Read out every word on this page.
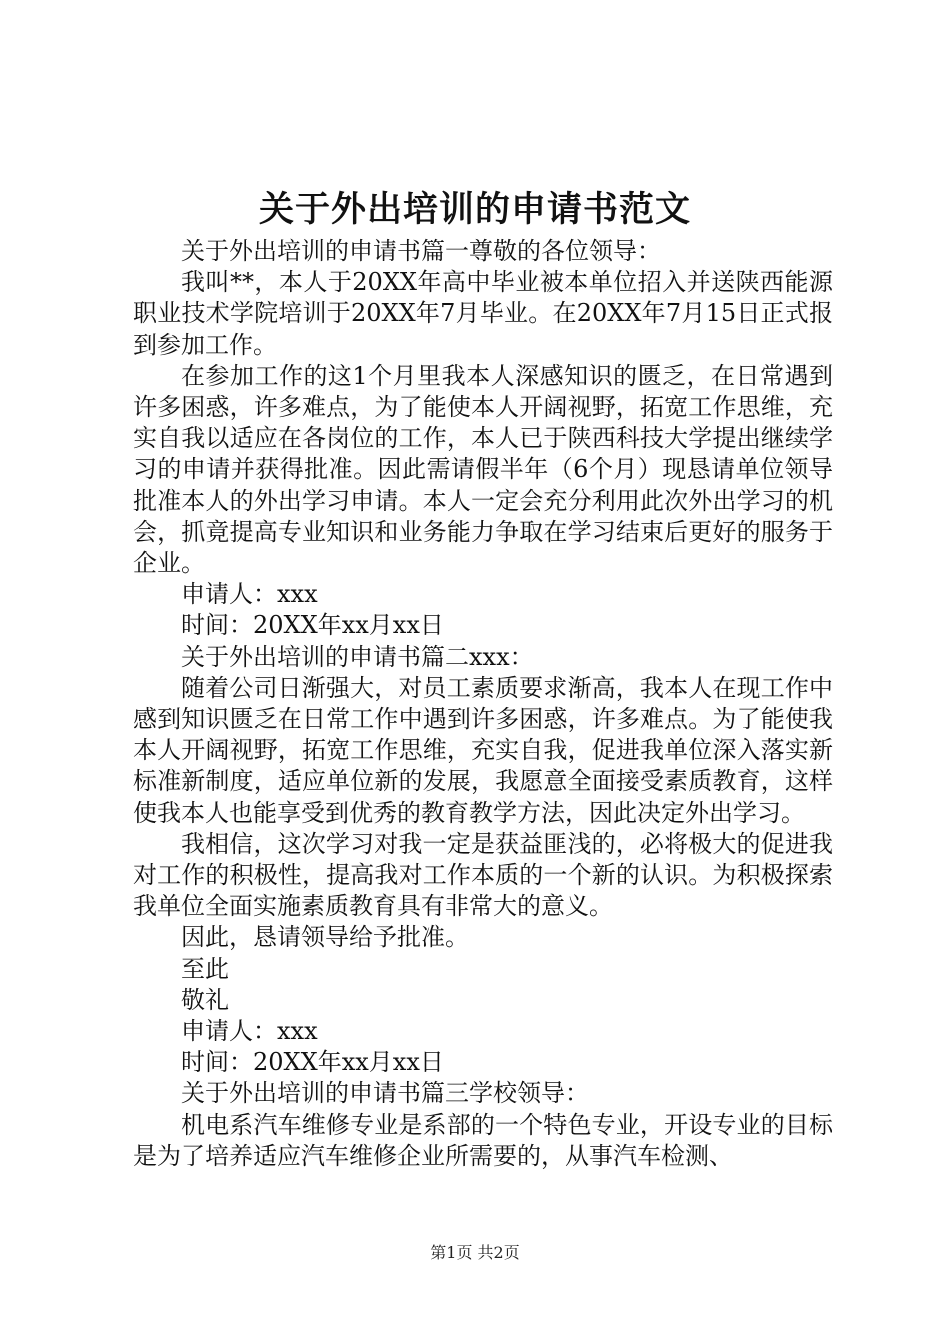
关于外出培训的申请书范文

关于外出培训的申请书篇一尊敬的各位领导：

我叫**，本人于20XX年高中毕业被本单位招入并送陕西能源职业技术学院培训于20XX年7月毕业。在20XX年7月15日正式报到参加工作。

在参加工作的这1个月里我本人深感知识的匮乏，在日常遇到许多困惑，许多难点，为了能使本人开阔视野，拓宽工作思维，充实自我以适应在各岗位的工作，本人已于陕西科技大学提出继续学习的申请并获得批准。因此需请假半年（6个月）现恳请单位领导批准本人的外出学习申请。本人一定会充分利用此次外出学习的机会，抓竟提高专业知识和业务能力争取在学习结束后更好的服务于企业。

申请人：xxx

时间：20XX年xx月xx日

关于外出培训的申请书篇二xxx：

随着公司日渐强大，对员工素质要求渐高，我本人在现工作中感到知识匮乏在日常工作中遇到许多困惑，许多难点。为了能使我本人开阔视野，拓宽工作思维，充实自我，促进我单位深入落实新标准新制度，适应单位新的发展，我愿意全面接受素质教育，这样使我本人也能享受到优秀的教育教学方法，因此决定外出学习。

我相信，这次学习对我一定是获益匪浅的，必将极大的促进我对工作的积极性，提高我对工作本质的一个新的认识。为积极探索我单位全面实施素质教育具有非常大的意义。

因此，恳请领导给予批准。

至此

敬礼

申请人：xxx

时间：20XX年xx月xx日

关于外出培训的申请书篇三学校领导：

机电系汽车维修专业是系部的一个特色专业，开设专业的目标是为了培养适应汽车维修企业所需要的，从事汽车检测、

第1页 共2页
